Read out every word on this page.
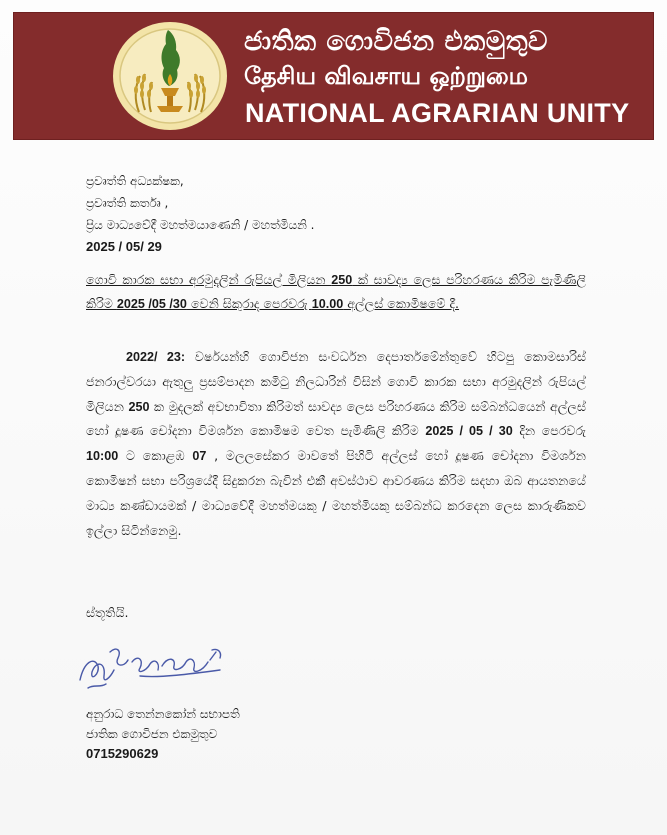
ජාතික ගොවිජන එකමුතුව
தேசிய விவசாய ஒற்றுமை
NATIONAL AGRARIAN UNITY
ප්‍රවෘත්ති අධ්‍යක්ෂක,
ප්‍රවෘත්ති කර්තෘ ,
ප්‍රිය මාධ්‍යවේදී මහත්මයාණෙනි / මහත්මියනි .
2025 / 05/ 29
ගොවි කාරක සභා අරමුදලින් රුපියල් මිලියන 250 ක් සාවද්‍ය ලෙස පරිහරණය කිරිම පැමිණිලි කිරිම 2025 /05 /30 වෙනි සිකුරාද පෙරවරු 10.00 අල්ලස් කොමිෂමේ දී.
2022/ 23: වර්ෂයන්හි ගොවිජන සංවර්ධන දෙපාර්තමේන්තුවේ හිටපු කොමසාරිස් ජනරාල්වරයා ඇතුලු ප්‍රසම්පාදන කමිටු නිලධාරින් විසින් ගොවි කාරක සභා අරමුදලින් රුපියල් මිලියන 250 ක මුදලක් අවභාවිතා කිරිමත් සාවද්‍ය ලෙස පරිහරණය කිරිම සම්බන්ධයෙන් අල්ලස් හෝ දූෂණ චෝදනා විමර්ශන කොමිෂම වෙත පැමිණිලි කිරිම 2025 / 05 / 30 දින පෙරවරු 10:00 ට කොළඹ 07 , මලලසේකර මාවතේ පිහිටි අල්ලස් හෝ දූෂණ චෝදනා විමර්ශන කොමිෂන් සභා පරිශ්‍රයේදී සිදුකරන බැවින් එකී අවස්ථාව ආවරණය කිරිම සදහා ඔබ ආයතනයේ මාධ්‍ය කණ්ඩායමක් / මාධ්‍යවේදී මහත්මයකු / මහත්මියකු සම්බන්ධ කරදෙන ලෙස කාරුණිකව ඉල්ලා සිටින්නෙමු.
ස්තූතියි.
අනුරාධ තෙන්නකෝන් සභාපති
ජාතික ගොවිජන එකමුතුව
0715290629
